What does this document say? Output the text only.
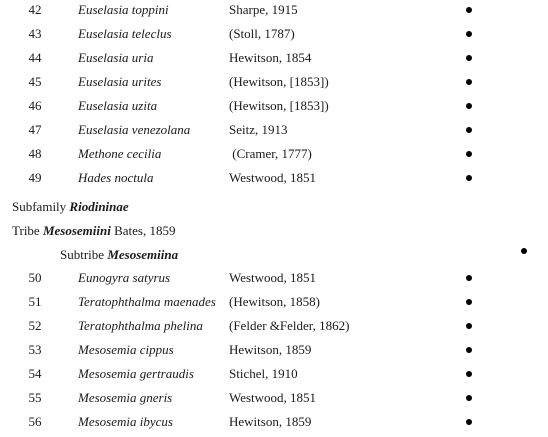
42	Euselasia toppini	Sharpe, 1915
43	Euselasia teleclus	(Stoll, 1787)
44	Euselasia uria	Hewitson, 1854
45	Euselasia urites	(Hewitson, [1853])
46	Euselasia uzita	(Hewitson, [1853])
47	Euselasia venezolana	Seitz, 1913
48	Methone cecilia	(Cramer, 1777)
49	Hades noctula	Westwood, 1851
Subfamily Riodininae
Tribe Mesosemiini Bates, 1859
Subtribe Mesosemiina
50	Eunogyra satyrus	Westwood, 1851
51	Teratophthalma maenades (Hewitson, 1858)
52	Teratophthalma phelina (Felder &Felder, 1862)
53	Mesosemia cippus	Hewitson, 1859
54	Mesosemia gertraudis	Stichel, 1910
55	Mesosemia gneris	Westwood, 1851
56	Mesosemia ibycus	Hewitson, 1859
